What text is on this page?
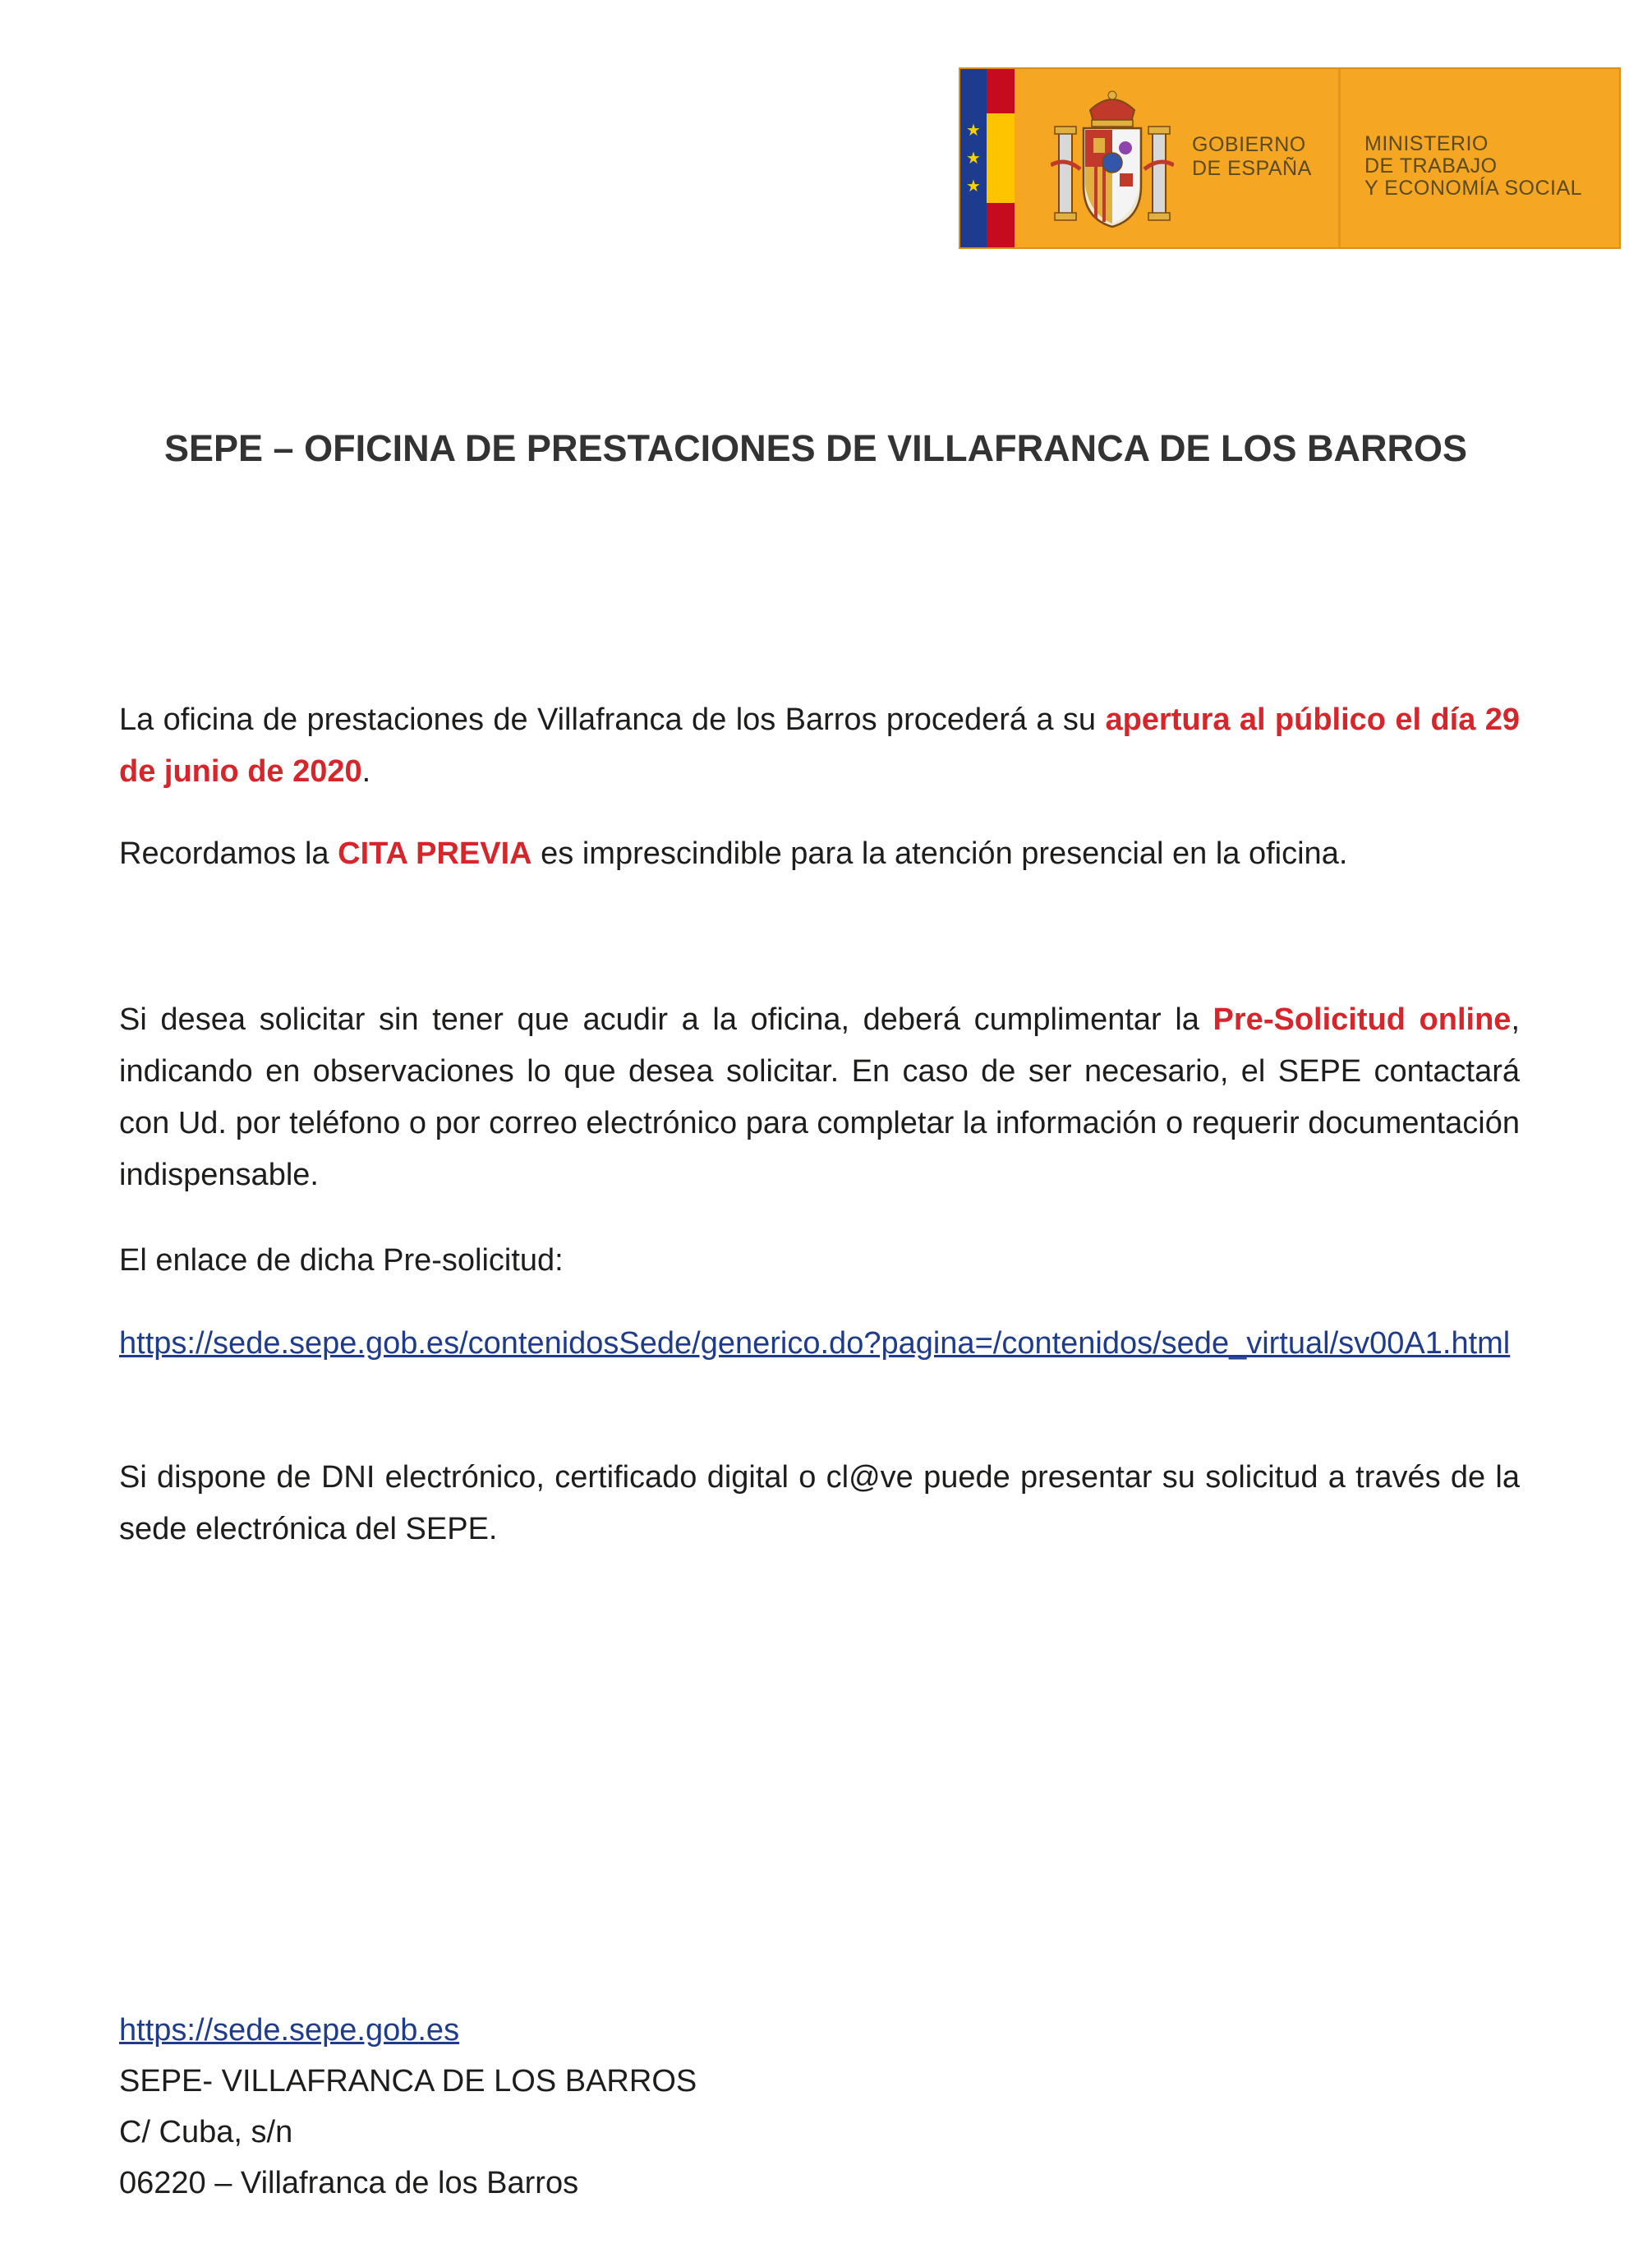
★
★
★
GOBIERNO
DE ESPAÑA
MINISTERIO
DE TRABAJO
Y ECONOMÍA SOCIAL
SEPE – OFICINA DE PRESTACIONES DE VILLAFRANCA DE LOS BARROS

La oficina de prestaciones de Villafranca de los Barros procederá a su apertura al público el día 29 de junio de 2020.

Recordamos la CITA PREVIA es imprescindible para la atención presencial en la oficina.

Si desea solicitar sin tener que acudir a la oficina, deberá cumplimentar la Pre-Solicitud online, indicando en observaciones lo que desea solicitar. En caso de ser necesario, el SEPE contactará con Ud. por teléfono o por correo electrónico para completar la información o requerir documentación indispensable.

El enlace de dicha Pre-solicitud:

https://sede.sepe.gob.es/contenidosSede/generico.do?pagina=/contenidos/sede_virtual/sv00A1.html

Si dispone de DNI electrónico, certificado digital o cl@ve puede presentar su solicitud a través de la sede electrónica del SEPE.

https://sede.sepe.gob.es
SEPE- VILLAFRANCA DE LOS BARROS
C/ Cuba, s/n
06220 – Villafranca de los Barros
